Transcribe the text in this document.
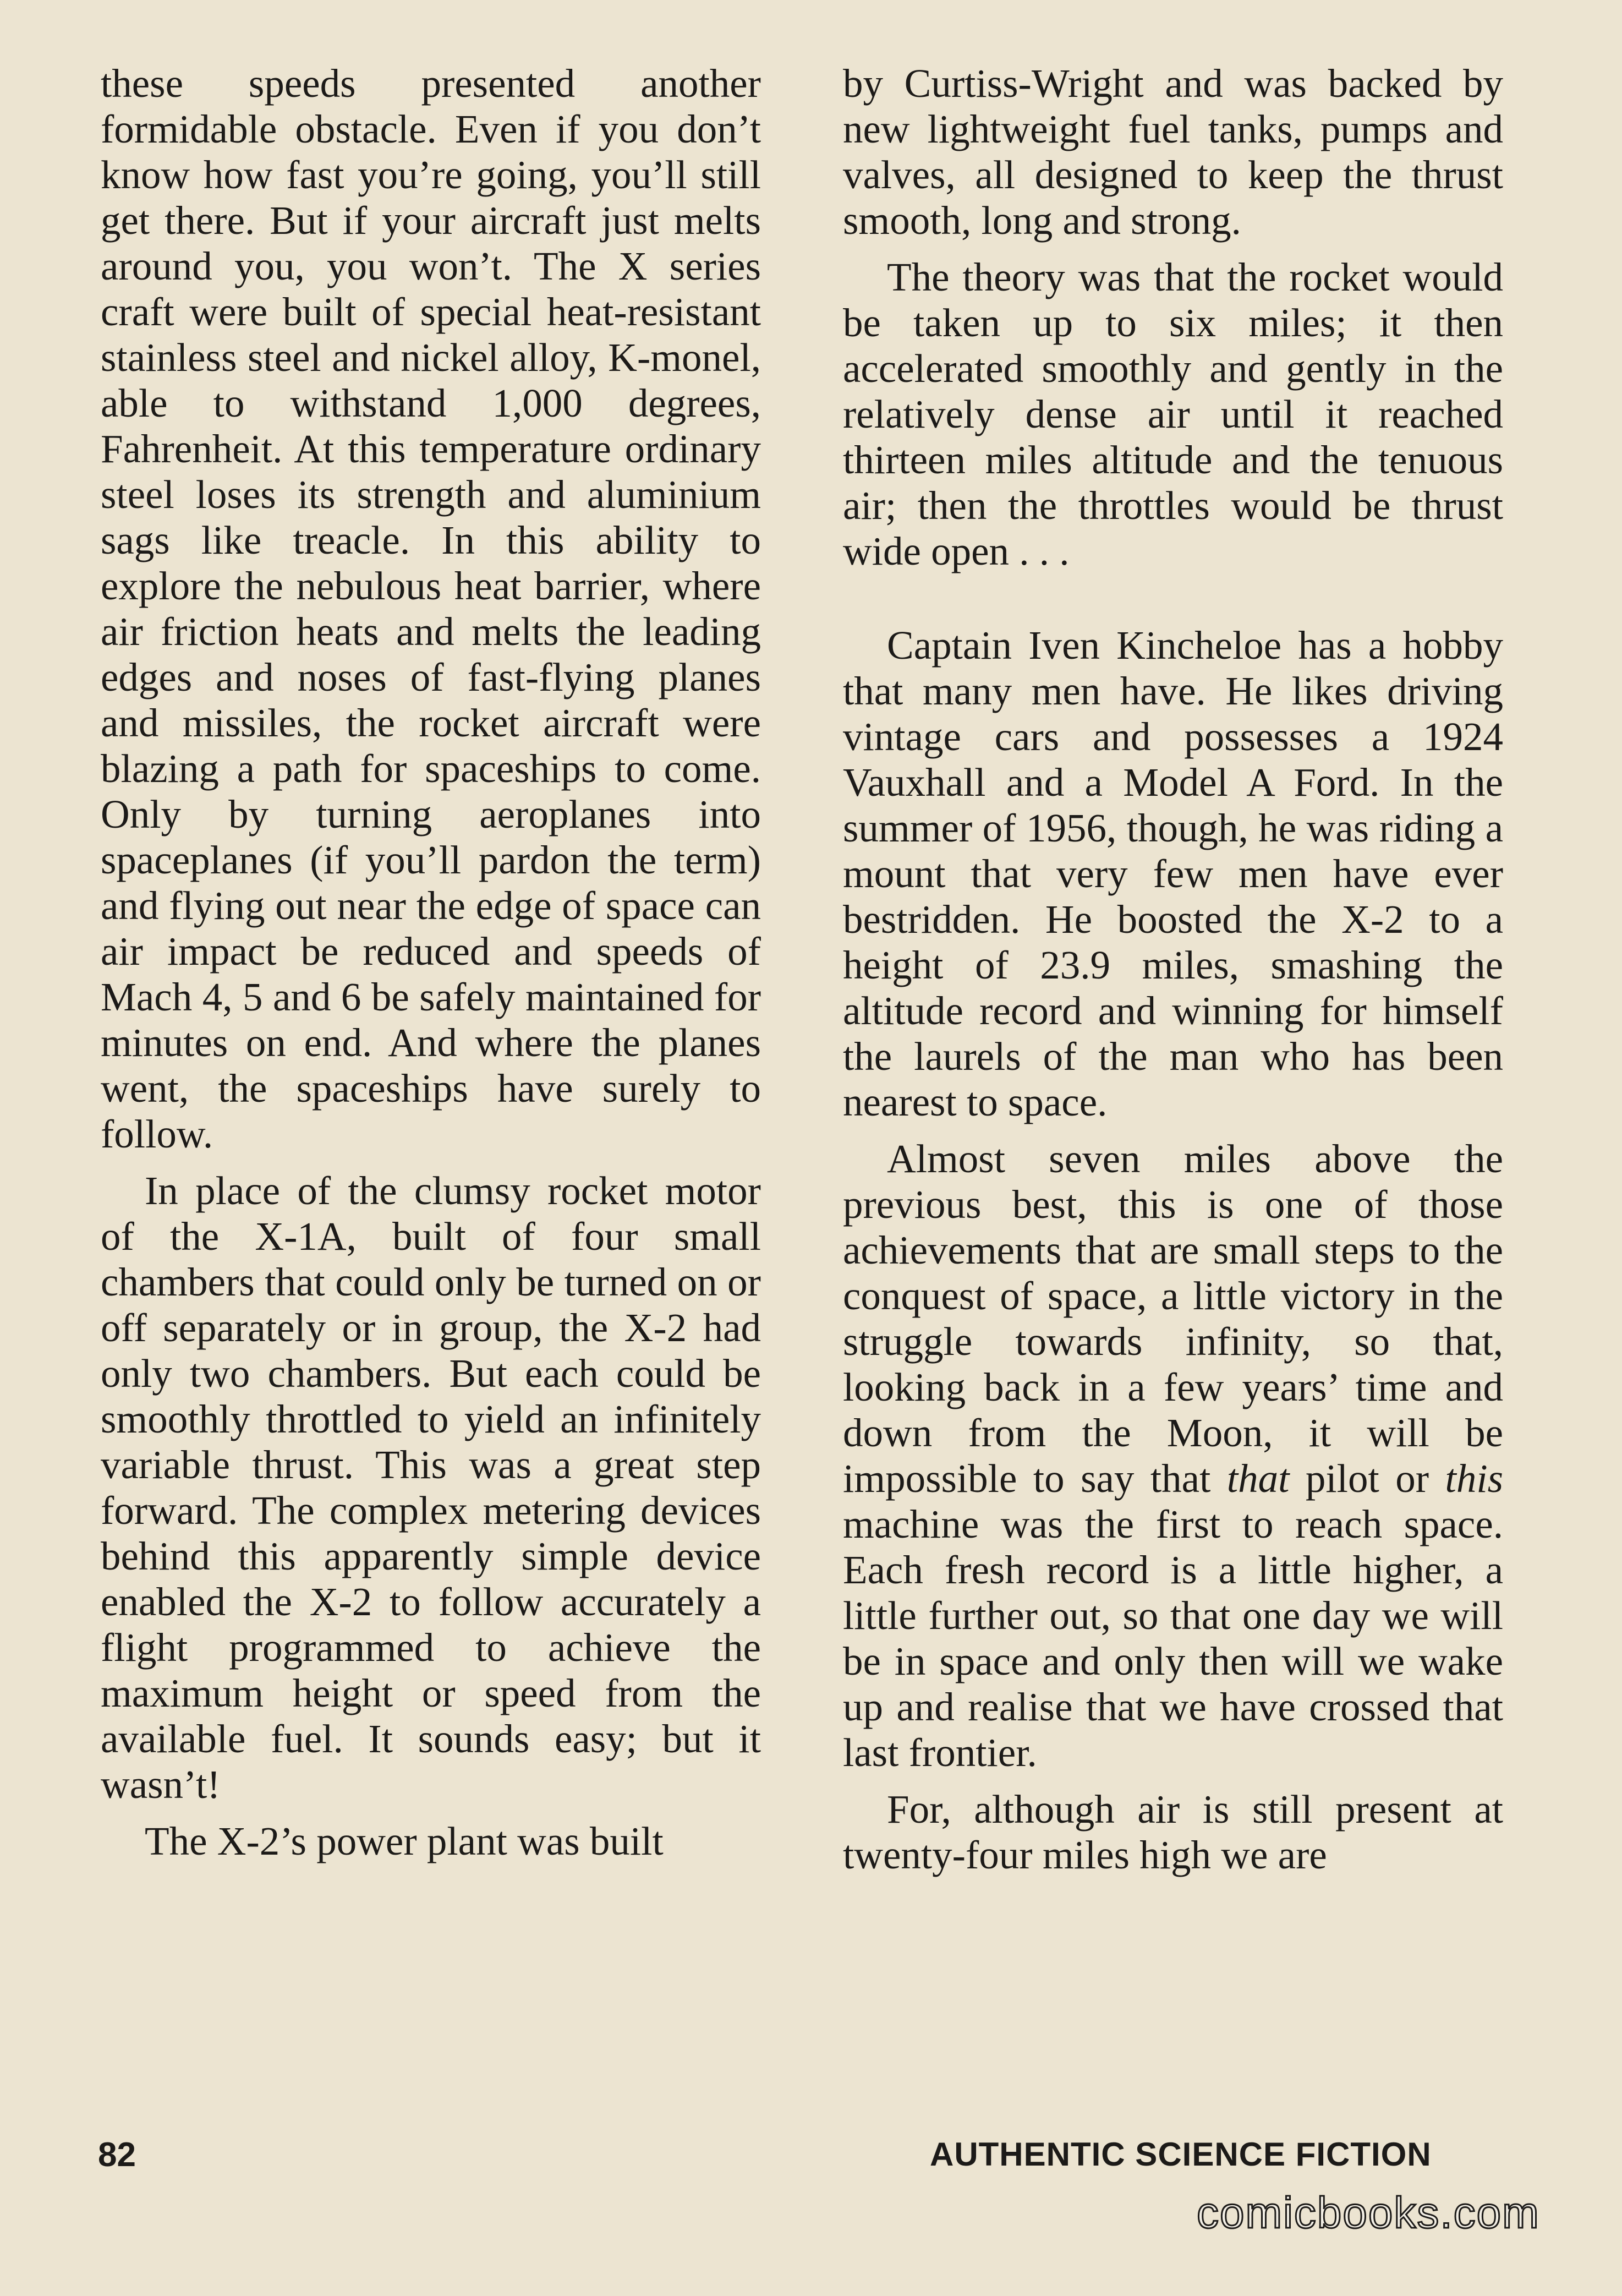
these speeds presented another formidable obstacle. Even if you don’t know how fast you’re going, you’ll still get there. But if your aircraft just melts around you, you won’t. The X series craft were built of special heat-resistant stainless steel and nickel alloy, K-monel, able to withstand 1,000 degrees, Fahrenheit. At this temperature ordinary steel loses its strength and aluminium sags like treacle. In this ability to explore the nebulous heat barrier, where air friction heats and melts the leading edges and noses of fast-flying planes and missiles, the rocket aircraft were blazing a path for spaceships to come. Only by turning aeroplanes into spaceplanes (if you’ll pardon the term) and flying out near the edge of space can air impact be reduced and speeds of Mach 4, 5 and 6 be safely maintained for minutes on end. And where the planes went, the spaceships have surely to follow.

In place of the clumsy rocket motor of the X-1A, built of four small chambers that could only be turned on or off separately or in group, the X-2 had only two chambers. But each could be smoothly throttled to yield an infinitely variable thrust. This was a great step forward. The complex metering devices behind this apparently simple device enabled the X-2 to follow accurately a flight programmed to achieve the maximum height or speed from the available fuel. It sounds easy; but it wasn’t!

The X-2’s power plant was built

by Curtiss-Wright and was backed by new lightweight fuel tanks, pumps and valves, all designed to keep the thrust smooth, long and strong.

The theory was that the rocket would be taken up to six miles; it then accelerated smoothly and gently in the relatively dense air until it reached thirteen miles altitude and the tenuous air; then the throttles would be thrust wide open . . .

Captain Iven Kincheloe has a hobby that many men have. He likes driving vintage cars and possesses a 1924 Vauxhall and a Model A Ford. In the summer of 1956, though, he was riding a mount that very few men have ever bestridden. He boosted the X-2 to a height of 23.9 miles, smashing the altitude record and winning for himself the laurels of the man who has been nearest to space.

Almost seven miles above the previous best, this is one of those achievements that are small steps to the conquest of space, a little victory in the struggle towards infinity, so that, looking back in a few years’ time and down from the Moon, it will be impossible to say that that pilot or this machine was the first to reach space. Each fresh record is a little higher, a little further out, so that one day we will be in space and only then will we wake up and realise that we have crossed that last frontier.

For, although air is still present at twenty-four miles high we are

82	AUTHENTIC SCIENCE FICTION
comicbooks.com
